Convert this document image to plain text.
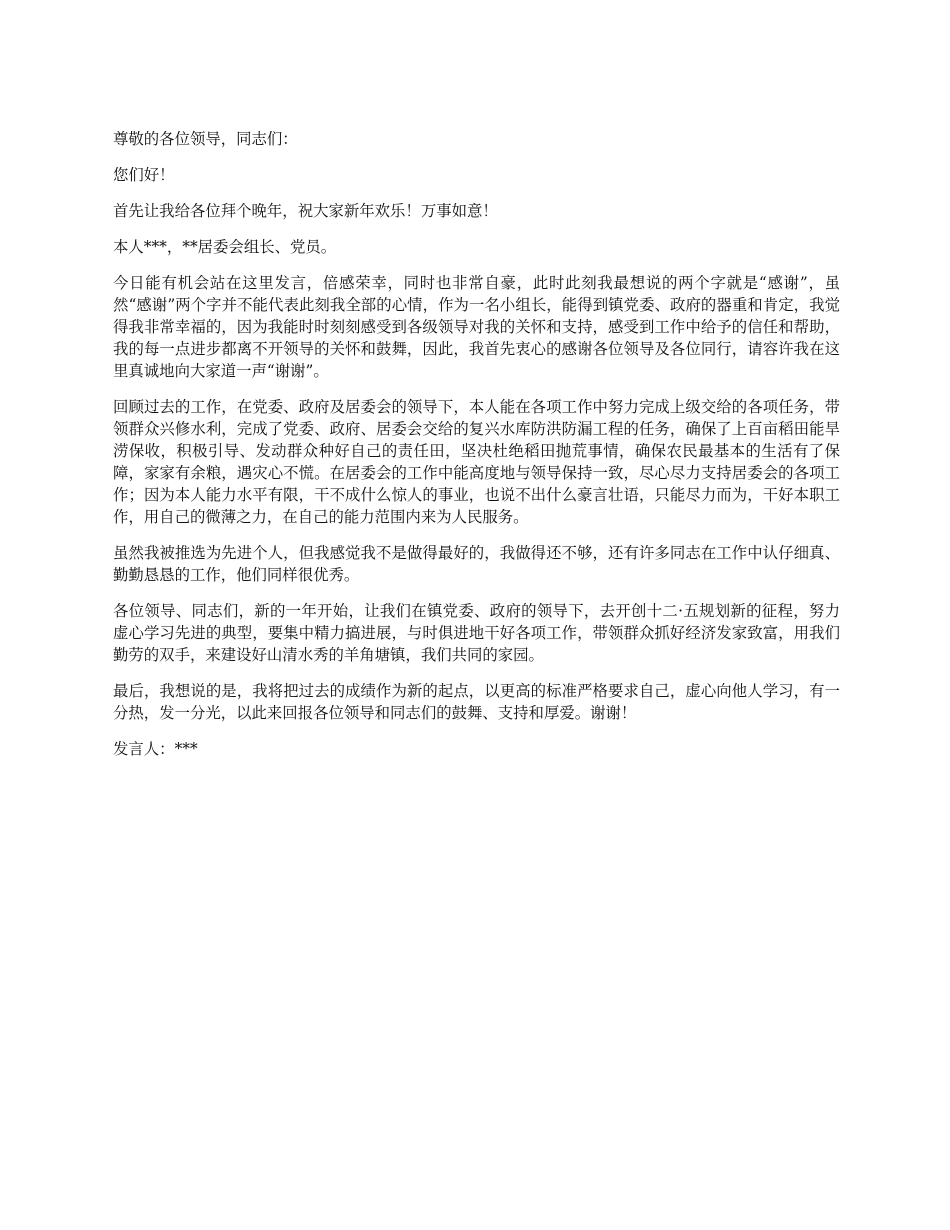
尊敬的各位领导，同志们：

您们好！

首先让我给各位拜个晚年，祝大家新年欢乐！万事如意！

本人***，**居委会组长、党员。

今日能有机会站在这里发言，倍感荣幸，同时也非常自豪，此时此刻我最想说的两个字就是“感谢”，虽然“感谢”两个字并不能代表此刻我全部的心情，作为一名小组长，能得到镇党委、政府的器重和肯定，我觉得我非常幸福的，因为我能时时刻刻感受到各级领导对我的关怀和支持，感受到工作中给予的信任和帮助，我的每一点进步都离不开领导的关怀和鼓舞，因此，我首先衷心的感谢各位领导及各位同行，请容许我在这里真诚地向大家道一声“谢谢”。

回顾过去的工作，在党委、政府及居委会的领导下，本人能在各项工作中努力完成上级交给的各项任务，带领群众兴修水利，完成了党委、政府、居委会交给的复兴水库防洪防漏工程的任务，确保了上百亩稻田能旱涝保收，积极引导、发动群众种好自己的责任田，坚决杜绝稻田抛荒事情，确保农民最基本的生活有了保障，家家有余粮，遇灾心不慌。在居委会的工作中能高度地与领导保持一致，尽心尽力支持居委会的各项工作；因为本人能力水平有限，干不成什么惊人的事业，也说不出什么豪言壮语，只能尽力而为，干好本职工作，用自己的微薄之力，在自己的能力范围内来为人民服务。

虽然我被推选为先进个人，但我感觉我不是做得最好的，我做得还不够，还有许多同志在工作中认仔细真、勤勤恳恳的工作，他们同样很优秀。

各位领导、同志们，新的一年开始，让我们在镇党委、政府的领导下，去开创十二·五规划新的征程，努力虚心学习先进的典型，要集中精力搞进展，与时俱进地干好各项工作，带领群众抓好经济发家致富，用我们勤劳的双手，来建设好山清水秀的羊角塘镇，我们共同的家园。

最后，我想说的是，我将把过去的成绩作为新的起点，以更高的标准严格要求自己，虚心向他人学习，有一分热，发一分光，以此来回报各位领导和同志们的鼓舞、支持和厚爱。谢谢！

发言人：***
